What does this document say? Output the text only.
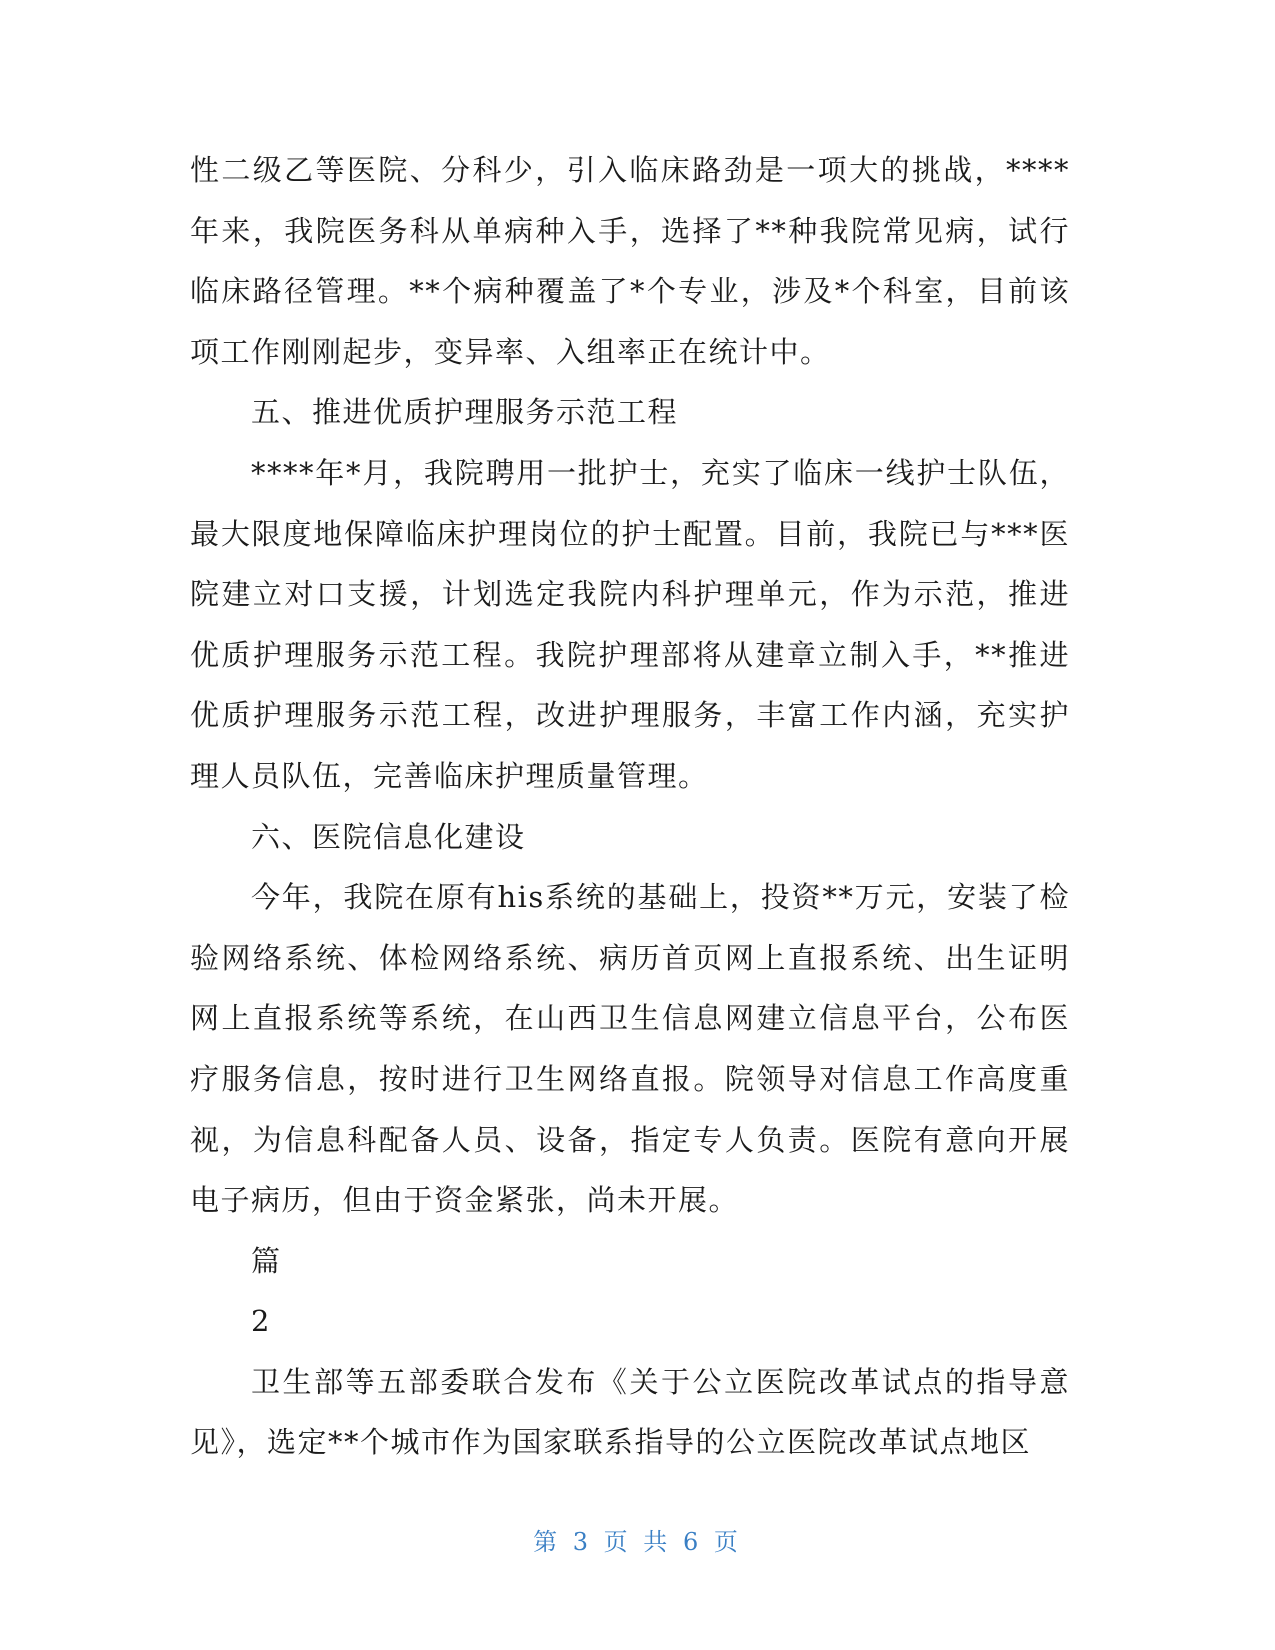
性二级乙等医院、分科少，引入临床路劲是一项大的挑战，****年来，我院医务科从单病种入手，选择了**种我院常见病，试行临床路径管理。**个病种覆盖了*个专业，涉及*个科室，目前该项工作刚刚起步，变异率、入组率正在统计中。

五、推进优质护理服务示范工程

****年*月，我院聘用一批护士，充实了临床一线护士队伍，最大限度地保障临床护理岗位的护士配置。目前，我院已与***医院建立对口支援，计划选定我院内科护理单元，作为示范，推进优质护理服务示范工程。我院护理部将从建章立制入手，**推进优质护理服务示范工程，改进护理服务，丰富工作内涵，充实护理人员队伍，完善临床护理质量管理。

六、医院信息化建设

今年，我院在原有his系统的基础上，投资**万元，安装了检验网络系统、体检网络系统、病历首页网上直报系统、出生证明网上直报系统等系统，在山西卫生信息网建立信息平台，公布医疗服务信息，按时进行卫生网络直报。院领导对信息工作高度重视，为信息科配备人员、设备，指定专人负责。医院有意向开展电子病历，但由于资金紧张，尚未开展。

篇

2

卫生部等五部委联合发布《关于公立医院改革试点的指导意见》，选定**个城市作为国家联系指导的公立医院改革试点地区

第 3 页 共 6 页
